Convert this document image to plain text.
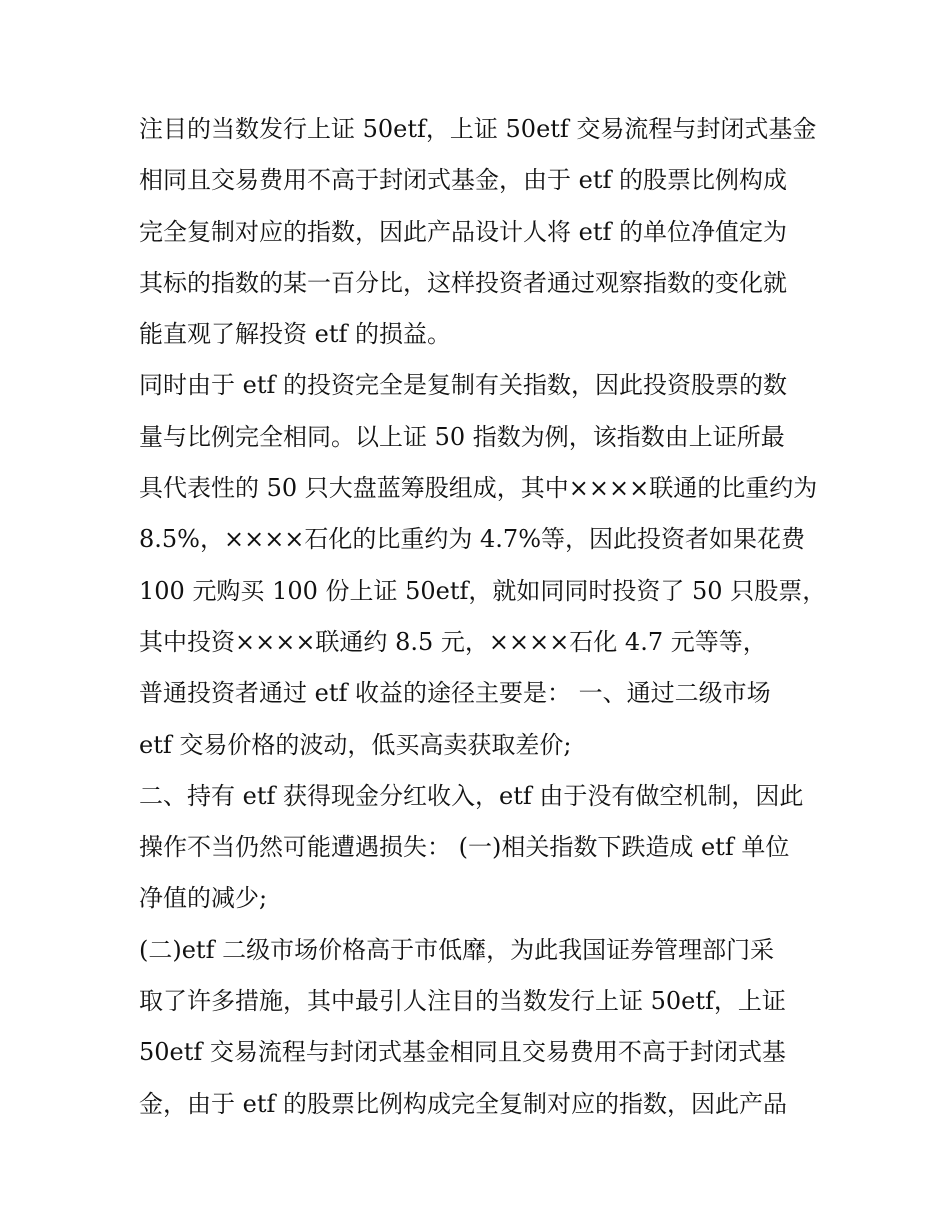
注目的当数发行上证 50etf，上证 50etf 交易流程与封闭式基金
相同且交易费用不高于封闭式基金，由于 etf 的股票比例构成
完全复制对应的指数，因此产品设计人将 etf 的单位净值定为
其标的指数的某一百分比，这样投资者通过观察指数的变化就
能直观了解投资 etf 的损益。
同时由于 etf 的投资完全是复制有关指数，因此投资股票的数
量与比例完全相同。以上证 50 指数为例，该指数由上证所最
具代表性的 50 只大盘蓝筹股组成，其中××××联通的比重约为
8.5%，××××石化的比重约为 4.7%等，因此投资者如果花费
100 元购买 100 份上证 50etf，就如同同时投资了 50 只股票，
其中投资××××联通约 8.5 元，××××石化 4.7 元等等，
普通投资者通过 etf 收益的途径主要是： 一、通过二级市场
etf 交易价格的波动，低买高卖获取差价;
二、持有 etf 获得现金分红收入，etf 由于没有做空机制，因此
操作不当仍然可能遭遇损失： (一)相关指数下跌造成 etf 单位
净值的减少;
(二)etf 二级市场价格高于市低靡，为此我国证券管理部门采
取了许多措施，其中最引人注目的当数发行上证 50etf，上证
50etf 交易流程与封闭式基金相同且交易费用不高于封闭式基
金，由于 etf 的股票比例构成完全复制对应的指数，因此产品
